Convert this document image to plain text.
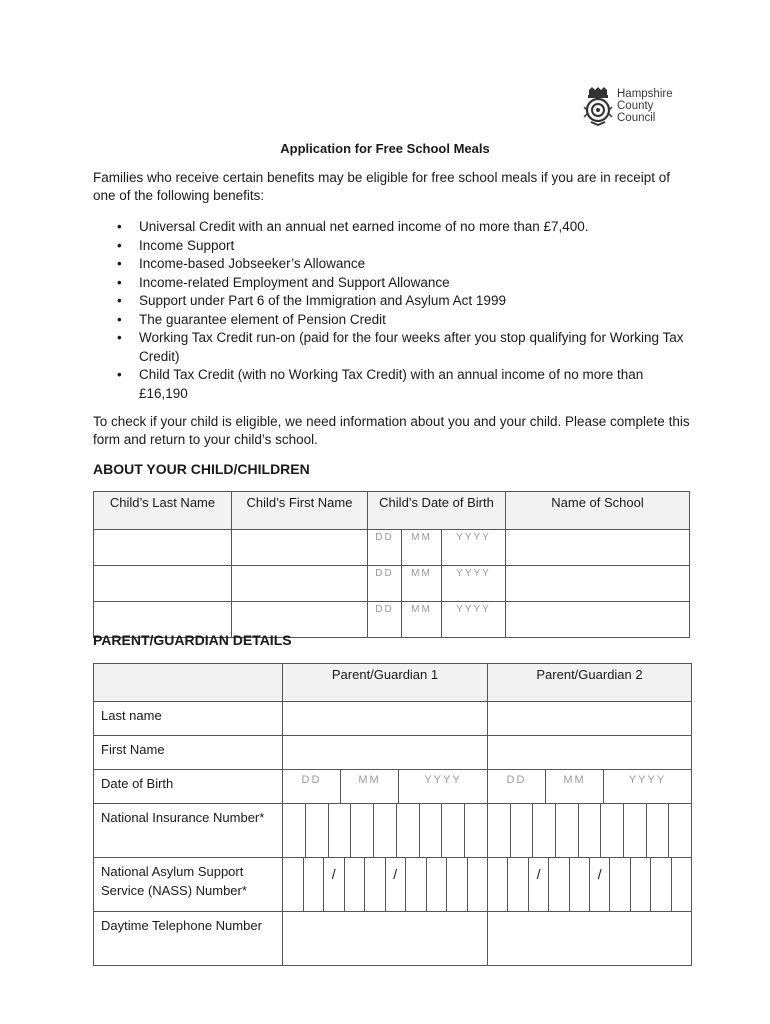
Hampshire
County
Council
Application for Free School Meals

Families who receive certain benefits may be eligible for free school meals if you are in receipt of one of the following benefits:

• Universal Credit with an annual net earned income of no more than £7,400.
• Income Support
• Income-based Jobseeker’s Allowance
• Income-related Employment and Support Allowance
• Support under Part 6 of the Immigration and Asylum Act 1999
• The guarantee element of Pension Credit
• Working Tax Credit run-on (paid for the four weeks after you stop qualifying for Working Tax Credit)
• Child Tax Credit (with no Working Tax Credit) with an annual income of no more than £16,190

To check if your child is eligible, we need information about you and your child. Please complete this form and return to your child’s school.

ABOUT YOUR CHILD/CHILDREN
Child’s Last Name	Child’s First Name	Child’s Date of Birth	Name of School

		DD MM YYYY	

		DD MM YYYY	

		DD MM YYYY	

PARENT/GUARDIAN DETAILS
	Parent/Guardian 1	Parent/Guardian 2
Last name		
First Name		
Date of Birth	DD MM YYYY	DD MM YYYY

National Insurance Number*	

National Asylum Support Service (NASS) Number*	/ /	/ /

Daytime Telephone Number		
